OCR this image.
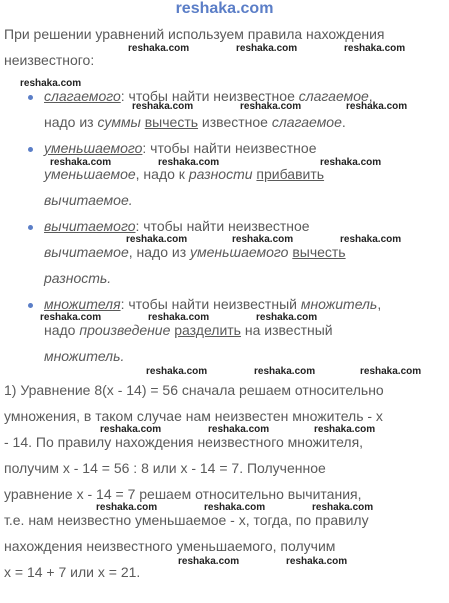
reshaka.com
При решении уравнений используем правила нахождения
неизвестного:
слагаемого: чтобы найти неизвестное слагаемое,
надо из суммы вычесть известное слагаемое.
уменьшаемого: чтобы найти неизвестное
уменьшаемое, надо к разности прибавить
вычитаемое.
вычитаемого: чтобы найти неизвестное
вычитаемое, надо из уменьшаемого вычесть
разность.
множителя: чтобы найти неизвестный множитель,
надо произведение разделить на известный
множитель.
1) Уравнение 8(x - 14) = 56 сначала решаем относительно
умножения, в таком случае нам неизвестен множитель - x
- 14. По правилу нахождения неизвестного множителя,
получим x - 14 = 56 : 8 или x - 14 = 7. Полученное
уравнение x - 14 = 7 решаем относительно вычитания,
т.е. нам неизвестно уменьшаемое - x, тогда, по правилу
нахождения неизвестного уменьшаемого, получим
x = 14 + 7 или x = 21.
reshaka.com	reshaka.com	reshaka.com
reshaka.com
reshaka.com	reshaka.com	reshaka.com
reshaka.com	reshaka.com	reshaka.com
reshaka.com	reshaka.com	reshaka.com
reshaka.com	reshaka.com	reshaka.com
reshaka.com	reshaka.com	reshaka.com
reshaka.com	reshaka.com	reshaka.com
reshaka.com	reshaka.com	reshaka.com
reshaka.com	reshaka.com
